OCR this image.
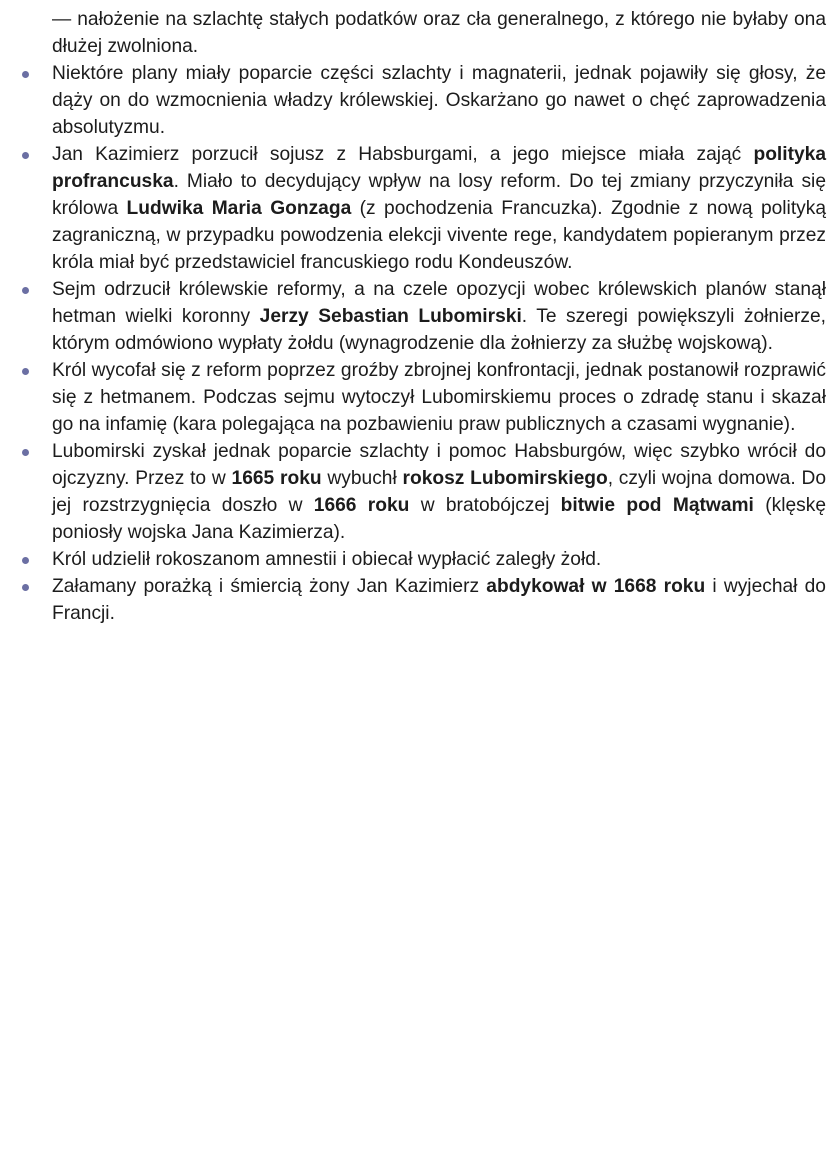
— nałożenie na szlachtę stałych podatków oraz cła generalnego, z którego nie byłaby ona dłużej zwolniona.

Niektóre plany miały poparcie części szlachty i magnaterii, jednak pojawiły się głosy, że dąży on do wzmocnienia władzy królewskiej. Oskarżano go nawet o chęć zaprowadzenia absolutyzmu.
Jan Kazimierz porzucił sojusz z Habsburgami, a jego miejsce miała zająć polityka profrancuska. Miało to decydujący wpływ na losy reform. Do tej zmiany przyczyniła się królowa Ludwika Maria Gonzaga (z pochodzenia Francuzka). Zgodnie z nową polityką zagraniczną, w przypadku powodzenia elekcji vivente rege, kandydatem popieranym przez króla miał być przedstawiciel francuskiego rodu Kondeuszów.
Sejm odrzucił królewskie reformy, a na czele opozycji wobec królewskich planów stanął hetman wielki koronny Jerzy Sebastian Lubomirski. Te szeregi powiększyli żołnierze, którym odmówiono wypłaty żołdu (wynagrodzenie dla żołnierzy za służbę wojskową).
Król wycofał się z reform poprzez groźby zbrojnej konfrontacji, jednak postanowił rozprawić się z hetmanem. Podczas sejmu wytoczył Lubomirskiemu proces o zdradę stanu i skazał go na infamię (kara polegająca na pozbawieniu praw publicznych a czasami wygnanie).
Lubomirski zyskał jednak poparcie szlachty i pomoc Habsburgów, więc szybko wrócił do ojczyzny. Przez to w 1665 roku wybuchł rokosz Lubomirskiego, czyli wojna domowa. Do jej rozstrzygnięcia doszło w 1666 roku w bratobójczej bitwie pod Mątwami (klęskę poniosły wojska Jana Kazimierza).
Król udzielił rokoszanom amnestii i obiecał wypłacić zaległy żołd.
Załamany porażką i śmiercią żony Jan Kazimierz abdykował w 1668 roku i wyjechał do Francji.
